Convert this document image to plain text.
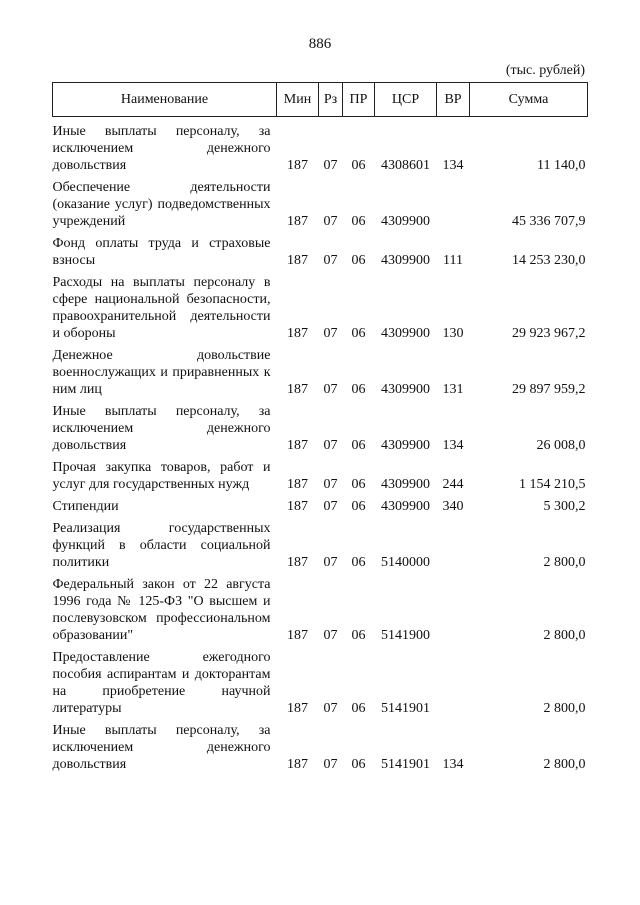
886
(тыс. рублей)
Наименование	Мин	Рз	ПР	ЦСР	ВР	Сумма
Иные выплаты персоналу, за исключением денежного довольствия	187	07	06	4308601	134	11 140,0
Обеспечение деятельности (оказание услуг) подведомственных учреждений	187	07	06	4309900		45 336 707,9
Фонд оплаты труда и страховые взносы	187	07	06	4309900	111	14 253 230,0
Расходы на выплаты персоналу в сфере национальной безопасности, правоохранительной деятельности и обороны	187	07	06	4309900	130	29 923 967,2
Денежное довольствие военнослужащих и приравненных к ним лиц	187	07	06	4309900	131	29 897 959,2
Иные выплаты персоналу, за исключением денежного довольствия	187	07	06	4309900	134	26 008,0
Прочая закупка товаров, работ и услуг для государственных нужд	187	07	06	4309900	244	1 154 210,5
Стипендии	187	07	06	4309900	340	5 300,2
Реализация государственных функций в области социальной политики	187	07	06	5140000		2 800,0
Федеральный закон от 22 августа 1996 года № 125-ФЗ "О высшем и послевузовском профессиональном образовании"	187	07	06	5141900		2 800,0
Предоставление ежегодного пособия аспирантам и докторантам на приобретение научной литературы	187	07	06	5141901		2 800,0
Иные выплаты персоналу, за исключением денежного довольствия	187	07	06	5141901	134	2 800,0
